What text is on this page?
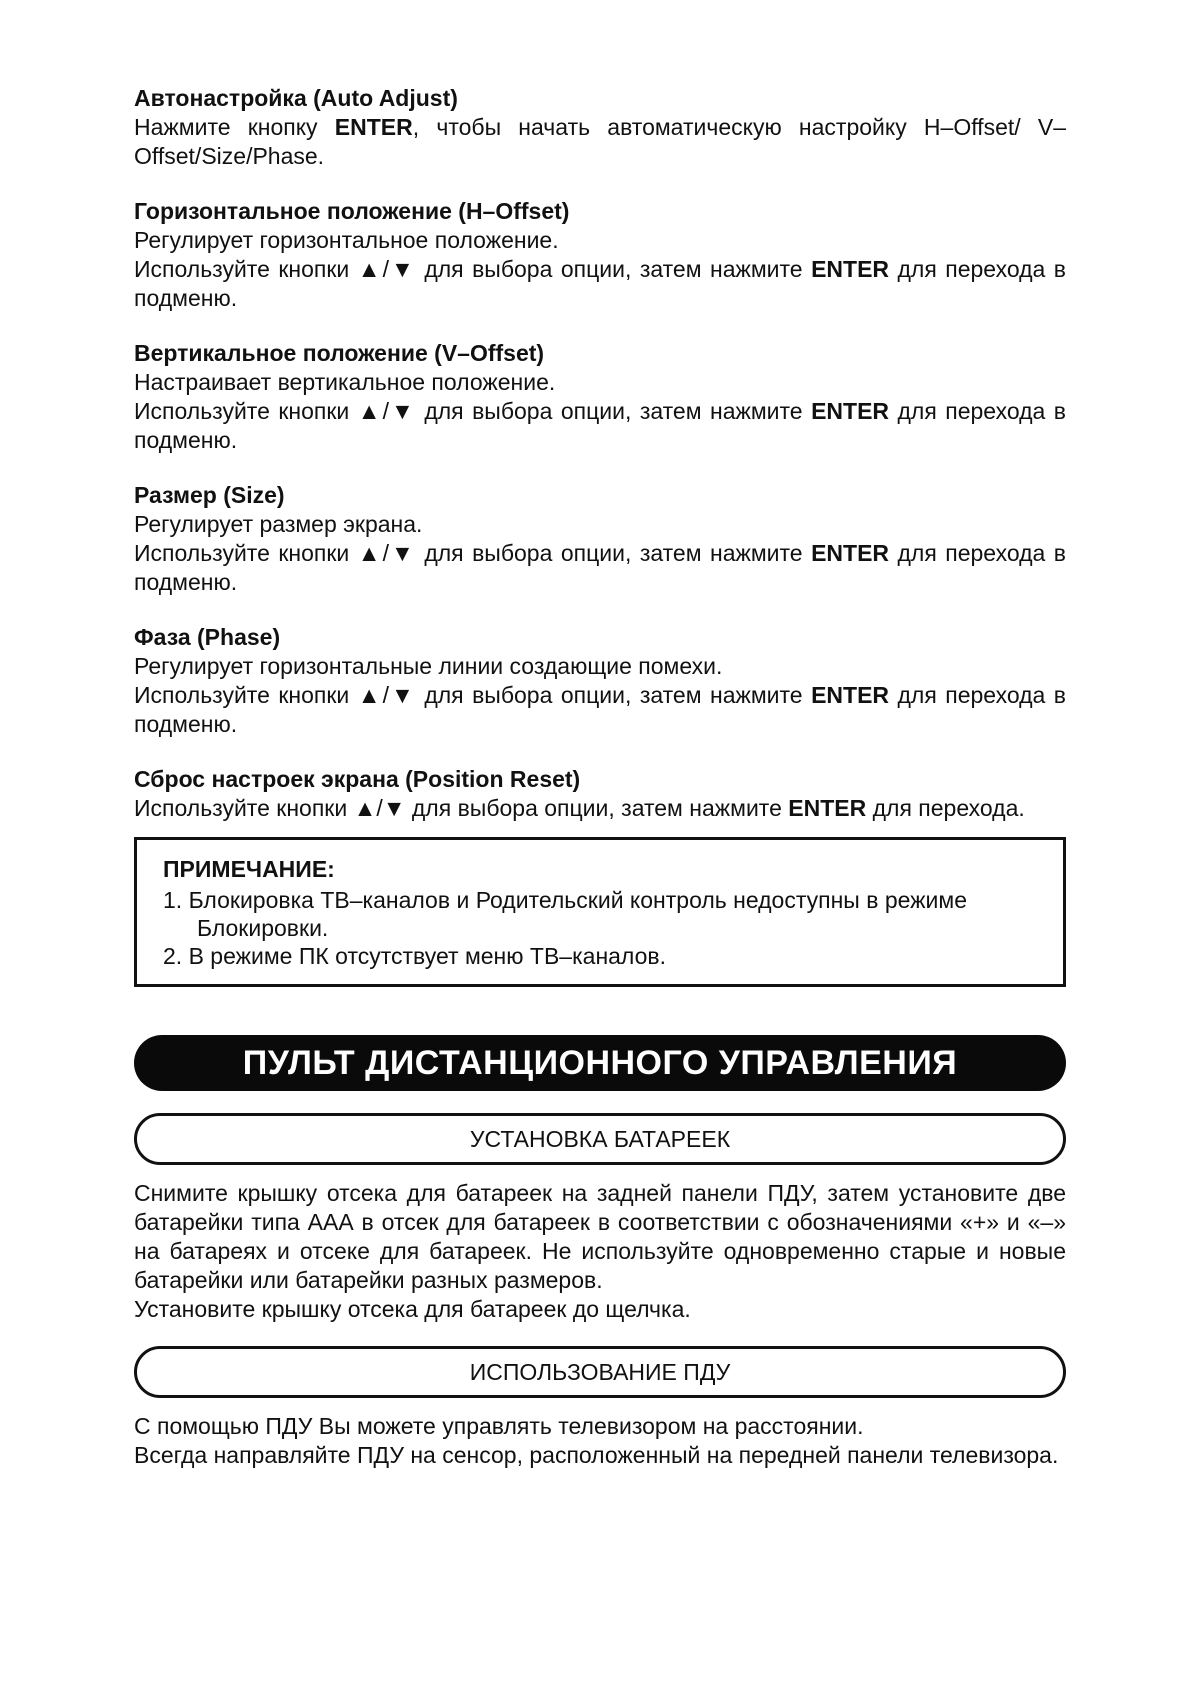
Автонастройка (Auto Adjust)

Нажмите кнопку ENTER, чтобы начать автоматическую настройку H–Offset/ V–Offset/Size/Phase.

Горизонтальное положение (H–Offset)

Регулирует горизонтальное положение.

Используйте кнопки ▲/▼ для выбора опции, затем нажмите ENTER для перехода в подменю.

Вертикальное положение (V–Offset)

Настраивает вертикальное положение.

Используйте кнопки ▲/▼ для выбора опции, затем нажмите ENTER для перехода в подменю.

Размер (Size)

Регулирует размер экрана.

Используйте кнопки ▲/▼ для выбора опции, затем нажмите ENTER для перехода в подменю.

Фаза (Phase)

Регулирует горизонтальные линии создающие помехи.

Используйте кнопки ▲/▼ для выбора опции, затем нажмите ENTER для перехода в подменю.

Сброс настроек экрана (Position Reset)

Используйте кнопки ▲/▼ для выбора опции, затем нажмите ENTER для перехода.

ПРИМЕЧАНИЕ:

1. Блокировка ТВ–каналов и Родительский контроль недоступны в режиме Блокировки.

2. В режиме ПК отсутствует меню ТВ–каналов.

ПУЛЬТ ДИСТАНЦИОННОГО УПРАВЛЕНИЯ
УСТАНОВКА БАТАРЕЕК

Снимите крышку отсека для батареек на задней панели ПДУ, затем установите две батарейки типа ААА в отсек для батареек в соответствии с обозначениями «+» и «–» на батареях и отсеке для батареек. Не используйте одновременно старые и новые батарейки или батарейки разных размеров.

Установите крышку отсека для батареек до щелчка.

ИСПОЛЬЗОВАНИЕ ПДУ

С помощью ПДУ Вы можете управлять телевизором на расстоянии.

Всегда направляйте ПДУ на сенсор, расположенный на передней панели телевизора.
